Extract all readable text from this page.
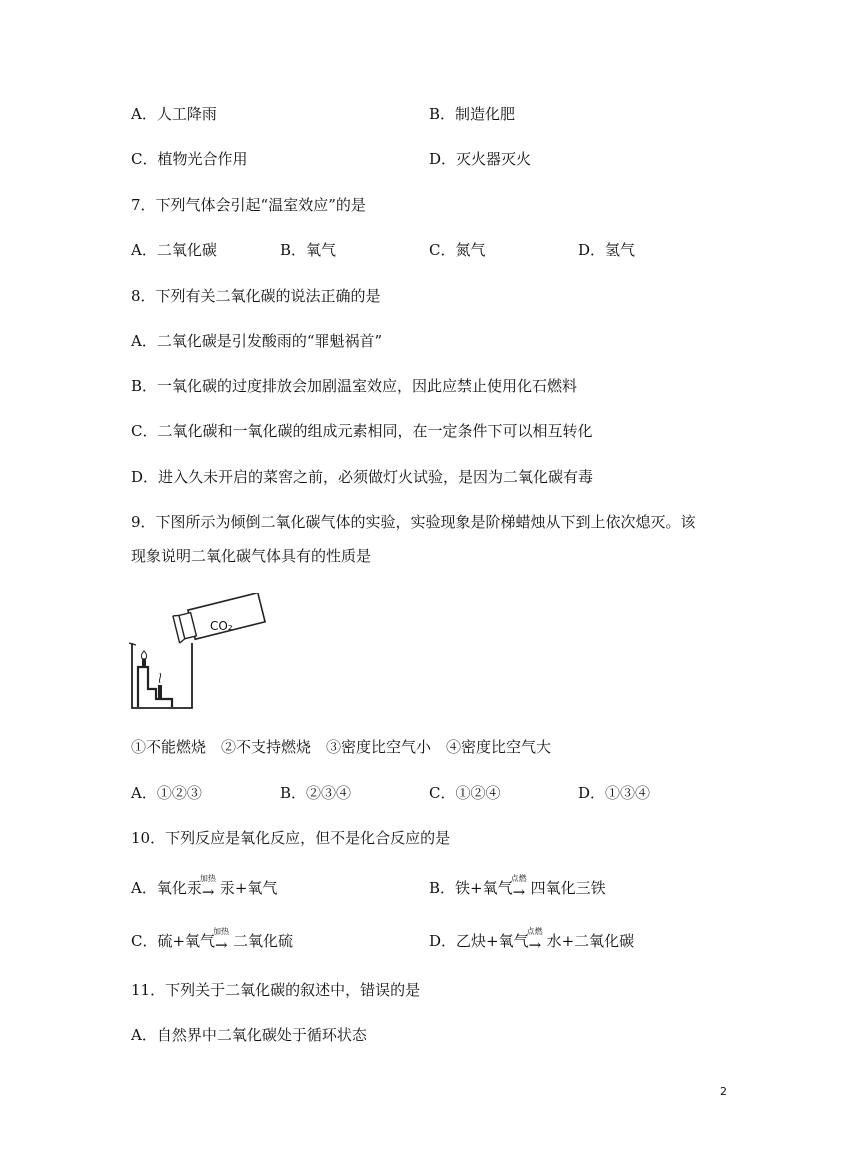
A．人工降雨	B．制造化肥
C．植物光合作用	D．灭火器灭火
7．下列气体会引起“温室效应”的是
A．二氧化碳	B．氧气	C．氮气	D．氢气
8．下列有关二氧化碳的说法正确的是
A．二氧化碳是引发酸雨的“罪魁祸首”
B．一氧化碳的过度排放会加剧温室效应，因此应禁止使用化石燃料
C．二氧化碳和一氧化碳的组成元素相同，在一定条件下可以相互转化
D．进入久未开启的菜窖之前，必须做灯火试验，是因为二氧化碳有毒
9．下图所示为倾倒二氧化碳气体的实验，实验现象是阶梯蜡烛从下到上依次熄灭。该
现象说明二氧化碳气体具有的性质是
CO₂
①不能燃烧　②不支持燃烧　③密度比空气小　④密度比空气大
A．①②③	B．②③④	C．①②④	D．①③④
10．下列反应是氧化反应，但不是化合反应的是
A．氧化汞
加热
→ 汞+氧气	B．铁+氧气
点燃
→ 四氧化三铁
C．硫+氧气
加热
→ 二氧化硫	D．乙炔+氧气
点燃
→ 水+二氧化碳
11．下列关于二氧化碳的叙述中，错误的是
A．自然界中二氧化碳处于循环状态
2
